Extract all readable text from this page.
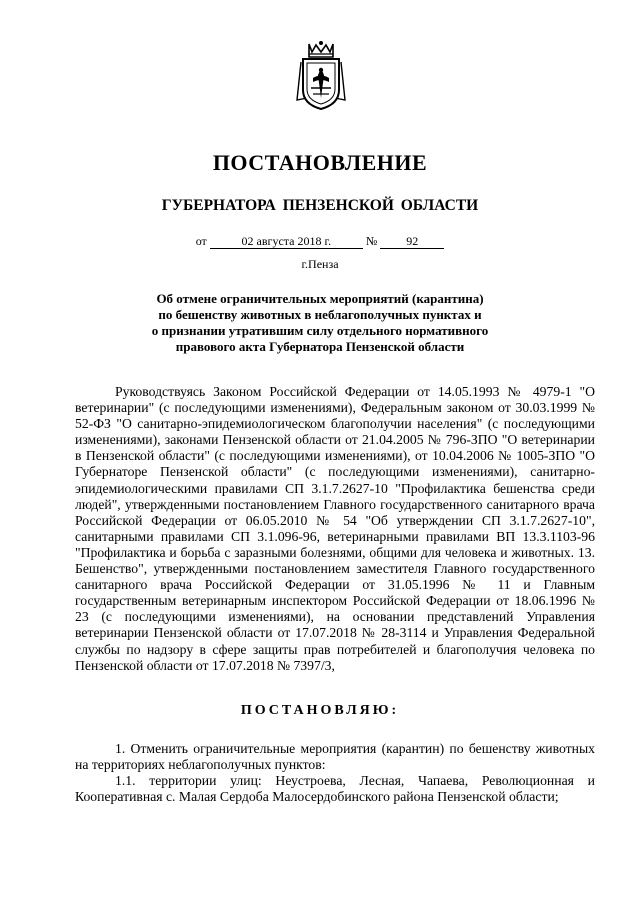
ПОСТАНОВЛЕНИЕ
ГУБЕРНАТОРА ПЕНЗЕНСКОЙ ОБЛАСТИ
от	02 августа 2018 г.	№ 92
г.Пенза
Об отмене ограничительных мероприятий (карантина)
по бешенству животных в неблагополучных пунктах и
о признании утратившим силу отдельного нормативного
правового акта Губернатора Пензенской области

Руководствуясь Законом Российской Федерации от 14.05.1993 № 4979-1 "О ветеринарии" (с последующими изменениями), Федеральным законом от 30.03.1999 № 52-ФЗ "О санитарно-эпидемиологическом благополучии населения" (с последующими изменениями), законами Пензенской области от 21.04.2005 № 796-ЗПО "О ветеринарии в Пензенской области" (с последующими изменениями), от 10.04.2006 № 1005-ЗПО "О Губернаторе Пензенской области" (с последующими изменениями), санитарно-эпидемиологическими правилами СП 3.1.7.2627-10 "Профилактика бешенства среди людей", утвержденными постановлением Главного государственного санитарного врача Российской Федерации от 06.05.2010 № 54 "Об утверждении СП 3.1.7.2627-10", санитарными правилами СП 3.1.096-96, ветеринарными правилами ВП 13.3.1103-96 "Профилактика и борьба с заразными болезнями, общими для человека и животных. 13. Бешенство", утвержденными постановлением заместителя Главного государственного санитарного врача Российской Федерации от 31.05.1996 № 11 и Главным государственным ветеринарным инспектором Российской Федерации от 18.06.1996 № 23 (с последующими изменениями), на основании представлений Управления ветеринарии Пензенской области от 17.07.2018 № 28-3114 и Управления Федеральной службы по надзору в сфере защиты прав потребителей и благополучия человека по Пензенской области от 17.07.2018 № 7397/3,

ПОСТАНОВЛЯЮ:

1. Отменить ограничительные мероприятия (карантин) по бешенству животных на территориях неблагополучных пунктов:

1.1. территории улиц: Неустроева, Лесная, Чапаева, Революционная и Кооперативная с. Малая Сердоба Малосердобинского района Пензенской области;
